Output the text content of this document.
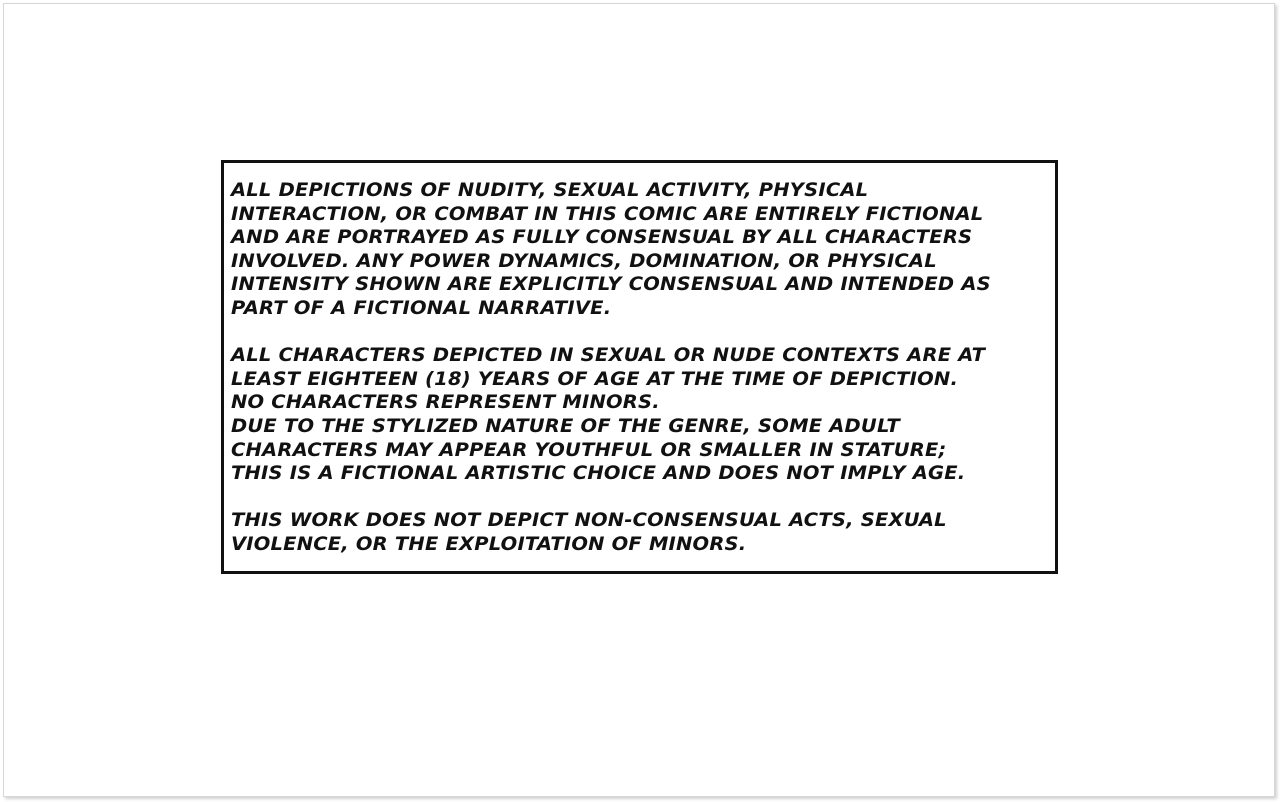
ALL DEPICTIONS OF NUDITY, SEXUAL ACTIVITY, PHYSICAL
INTERACTION, OR COMBAT IN THIS COMIC ARE ENTIRELY FICTIONAL
AND ARE PORTRAYED AS FULLY CONSENSUAL BY ALL CHARACTERS
INVOLVED. ANY POWER DYNAMICS, DOMINATION, OR PHYSICAL
INTENSITY SHOWN ARE EXPLICITLY CONSENSUAL AND INTENDED AS
PART OF A FICTIONAL NARRATIVE.

ALL CHARACTERS DEPICTED IN SEXUAL OR NUDE CONTEXTS ARE AT
LEAST EIGHTEEN (18) YEARS OF AGE AT THE TIME OF DEPICTION.
NO CHARACTERS REPRESENT MINORS.
DUE TO THE STYLIZED NATURE OF THE GENRE, SOME ADULT
CHARACTERS MAY APPEAR YOUTHFUL OR SMALLER IN STATURE;
THIS IS A FICTIONAL ARTISTIC CHOICE AND DOES NOT IMPLY AGE.

THIS WORK DOES NOT DEPICT NON-CONSENSUAL ACTS, SEXUAL
VIOLENCE, OR THE EXPLOITATION OF MINORS.
